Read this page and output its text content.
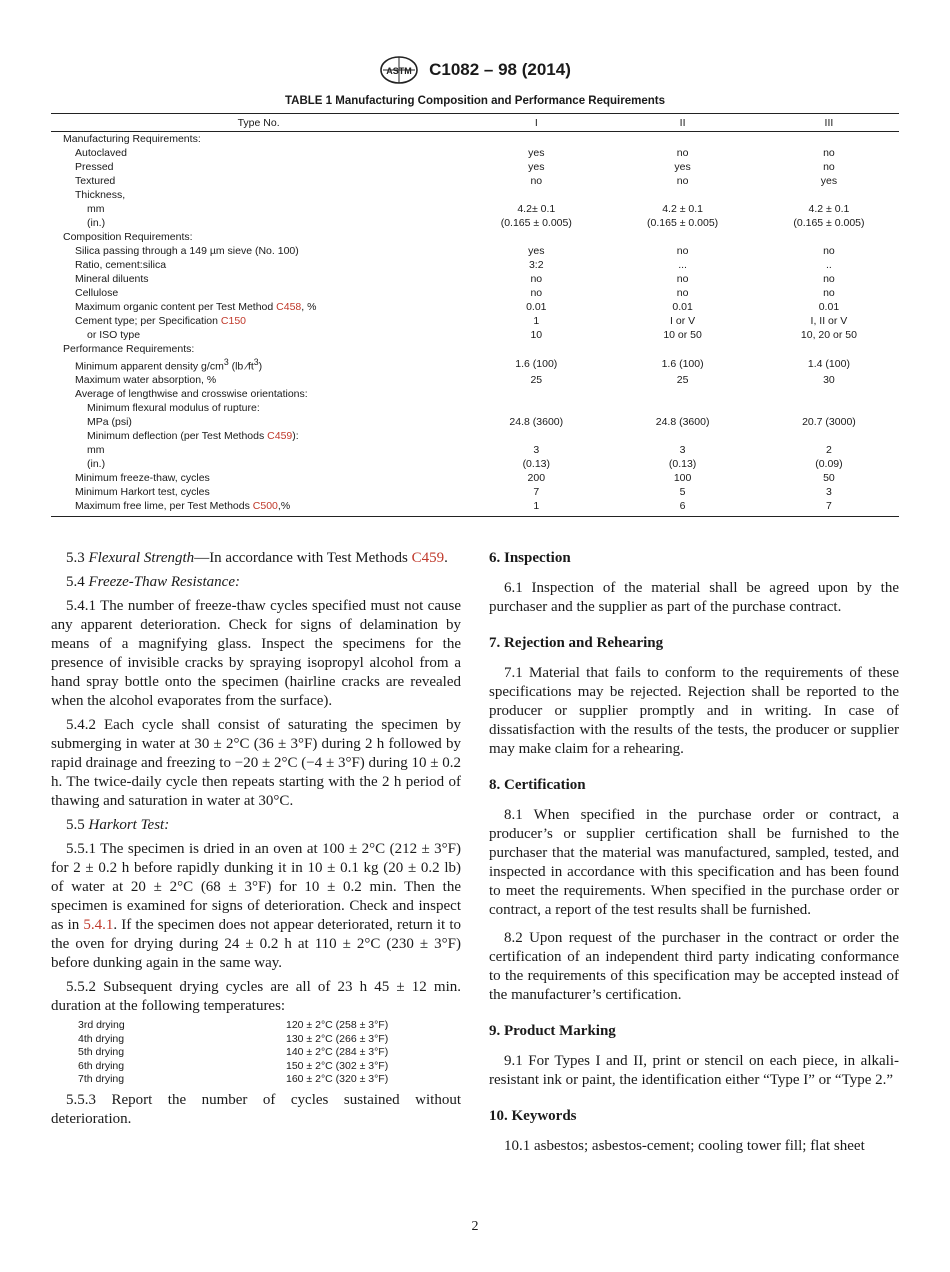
ASTM C1082 – 98 (2014)
TABLE 1 Manufacturing Composition and Performance Requirements
Type No.	I	II	III
Manufacturing Requirements:			
Autoclaved	yes	no	no
Pressed	yes	yes	no
Textured	no	no	yes
Thickness,			
mm	4.2± 0.1	4.2 ± 0.1	4.2 ± 0.1
(in.)	(0.165 ± 0.005)	(0.165 ± 0.005)	(0.165 ± 0.005)
Composition Requirements:			
Silica passing through a 149 µm sieve (No. 100)	yes	no	no
Ratio, cement:silica	3:2	...	..
Mineral diluents	no	no	no
Cellulose	no	no	no
Maximum organic content per Test Method C458, %	0.01	0.01	0.01
Cement type; per Specification C150	1	I or V	I, II or V
or ISO type	10	10 or 50	10, 20 or 50
Performance Requirements:			
Minimum apparent density $g/cm^3$ (lb $⁄ft^3$)	1.6 (100)	1.6 (100)	1.4 (100)
Maximum water absorption, %	25	25	30
Average of lengthwise and crosswise orientations:			
Minimum flexural modulus of rupture:			
MPa (psi)	24.8 (3600)	24.8 (3600)	20.7 (3000)
Minimum deflection (per Test Methods C459):			
mm	3	3	2
(in.)	(0.13)	(0.13)	(0.09)
Minimum freeze-thaw, cycles	200	100	50
Minimum Harkort test, cycles	7	5	3
Maximum free lime, per Test Methods C500,%	1	6	7

5.3 Flexural Strength—In accordance with Test Methods C459.

5.4 Freeze-Thaw Resistance:

5.4.1 The number of freeze-thaw cycles specified must not cause any apparent deterioration. Check for signs of delamination by means of a magnifying glass. Inspect the specimens for the presence of invisible cracks by spraying isopropyl alcohol from a hand spray bottle onto the specimen (hairline cracks are revealed when the alcohol evaporates from the surface).

5.4.2 Each cycle shall consist of saturating the specimen by submerging in water at 30 ± 2°C (36 ± 3°F) during 2 h followed by rapid drainage and freezing to −20 ± 2°C (−4 ± 3°F) during 10 ± 0.2 h. The twice-daily cycle then repeats starting with the 2 h period of thawing and saturation in water at 30°C.

5.5 Harkort Test:

5.5.1 The specimen is dried in an oven at 100 ± 2°C (212 ± 3°F) for 2 ± 0.2 h before rapidly dunking it in 10 ± 0.1 kg (20 ± 0.2 lb) of water at 20 ± 2°C (68 ± 3°F) for 10 ± 0.2 min. Then the specimen is examined for signs of deterioration. Check and inspect as in 5.4.1. If the specimen does not appear deteriorated, return it to the oven for drying during 24 ± 0.2 h at 110 ± 2°C (230 ± 3°F) before dunking again in the same way.

5.5.2 Subsequent drying cycles are all of 23 h 45 ± 12 min. duration at the following temperatures:

3rd drying	120 ± 2°C (258 ± 3°F)
4th drying	130 ± 2°C (266 ± 3°F)
5th drying	140 ± 2°C (284 ± 3°F)
6th drying	150 ± 2°C (302 ± 3°F)
7th drying	160 ± 2°C (320 ± 3°F)

5.5.3 Report the number of cycles sustained without deterioration.

6. Inspection

6.1 Inspection of the material shall be agreed upon by the purchaser and the supplier as part of the purchase contract.

7. Rejection and Rehearing

7.1 Material that fails to conform to the requirements of these specifications may be rejected. Rejection shall be reported to the producer or supplier promptly and in writing. In case of dissatisfaction with the results of the tests, the producer or supplier may make claim for a rehearing.

8. Certification

8.1 When specified in the purchase order or contract, a producer’s or supplier certification shall be furnished to the purchaser that the material was manufactured, sampled, tested, and inspected in accordance with this specification and has been found to meet the requirements. When specified in the purchase order or contract, a report of the test results shall be furnished.

8.2 Upon request of the purchaser in the contract or order the certification of an independent third party indicating conformance to the requirements of this specification may be accepted instead of the manufacturer’s certification.

9. Product Marking

9.1 For Types I and II, print or stencil on each piece, in alkali-resistant ink or paint, the identification either “Type I” or “Type 2.”

10. Keywords

10.1 asbestos; asbestos-cement; cooling tower fill; flat sheet

2
